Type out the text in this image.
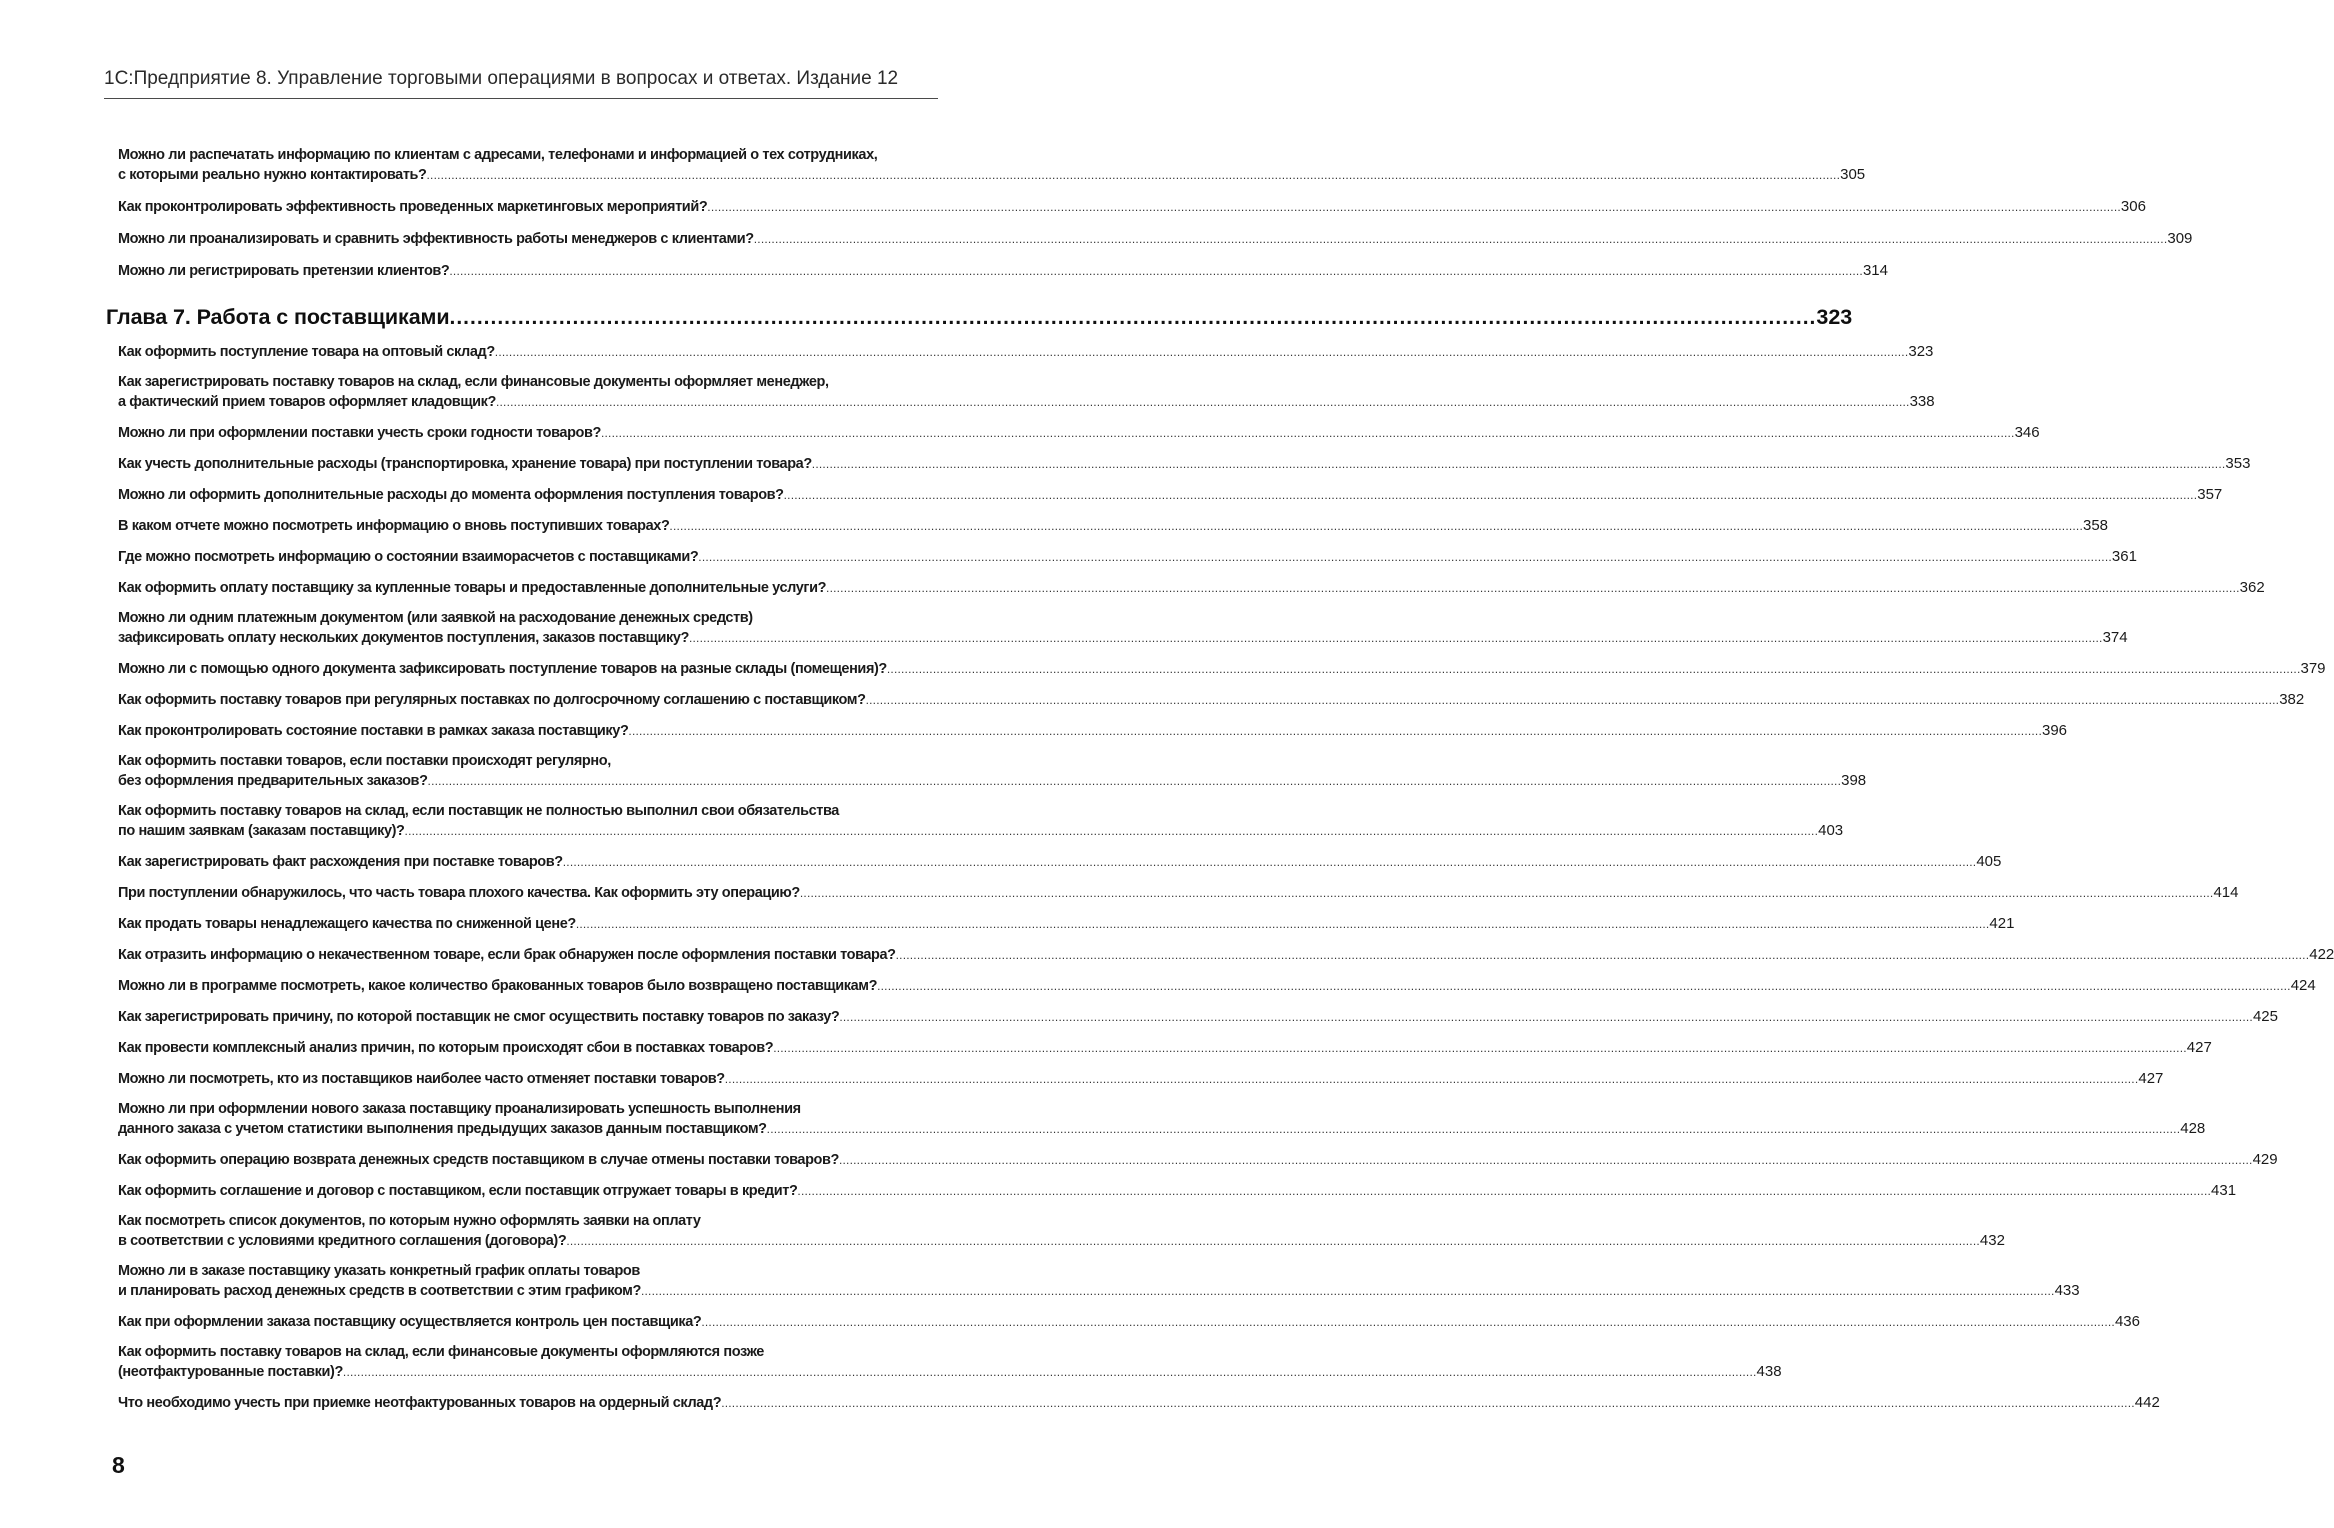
1С:Предприятие 8. Управление торговыми операциями в вопросах и ответах. Издание 12
Можно ли распечатать информацию по клиентам с адресами, телефонами и информацией о тех сотрудниках,
с которыми реально нужно контактировать? ................................................................................................................................................................................................................................................................................................................................................................................................................ 305
Как проконтролировать эффективность проведенных маркетинговых мероприятий? ................................................................................................................................................................................................................................................................................................................................................................................................................ 306
Можно ли проанализировать и сравнить эффективность работы менеджеров с клиентами? ................................................................................................................................................................................................................................................................................................................................................................................................................ 309
Можно ли регистрировать претензии клиентов? ................................................................................................................................................................................................................................................................................................................................................................................................................ 314
Глава 7. Работа с поставщиками ........................................................................................................................................................................................................ 323
Как оформить поступление товара на оптовый склад? ................................................................................................................................................................................................................................................................................................................................................................................................................ 323
Как зарегистрировать поставку товаров на склад, если финансовые документы оформляет менеджер,
а фактический прием товаров оформляет кладовщик? ................................................................................................................................................................................................................................................................................................................................................................................................................ 338
Можно ли при оформлении поставки учесть сроки годности товаров? ................................................................................................................................................................................................................................................................................................................................................................................................................ 346
Как учесть дополнительные расходы (транспортировка, хранение товара) при поступлении товара? ................................................................................................................................................................................................................................................................................................................................................................................................................ 353
Можно ли оформить дополнительные расходы до момента оформления поступления товаров? ................................................................................................................................................................................................................................................................................................................................................................................................................ 357
В каком отчете можно посмотреть информацию о вновь поступивших товарах? ................................................................................................................................................................................................................................................................................................................................................................................................................ 358
Где можно посмотреть информацию о состоянии взаиморасчетов с поставщиками? ................................................................................................................................................................................................................................................................................................................................................................................................................ 361
Как оформить оплату поставщику за купленные товары и предоставленные дополнительные услуги? ................................................................................................................................................................................................................................................................................................................................................................................................................ 362
Можно ли одним платежным документом (или заявкой на расходование денежных средств)
зафиксировать оплату нескольких документов поступления, заказов поставщику? ................................................................................................................................................................................................................................................................................................................................................................................................................ 374
Можно ли с помощью одного документа зафиксировать поступление товаров на разные склады (помещения)? ................................................................................................................................................................................................................................................................................................................................................................................................................ 379
Как оформить поставку товаров при регулярных поставках по долгосрочному соглашению с поставщиком? ................................................................................................................................................................................................................................................................................................................................................................................................................ 382
Как проконтролировать состояние поставки в рамках заказа поставщику? ................................................................................................................................................................................................................................................................................................................................................................................................................ 396
Как оформить поставки товаров, если поставки происходят регулярно,
без оформления предварительных заказов? ................................................................................................................................................................................................................................................................................................................................................................................................................ 398
Как оформить поставку товаров на склад, если поставщик не полностью выполнил свои обязательства
по нашим заявкам (заказам поставщику)? ................................................................................................................................................................................................................................................................................................................................................................................................................ 403
Как зарегистрировать факт расхождения при поставке товаров? ................................................................................................................................................................................................................................................................................................................................................................................................................ 405
При поступлении обнаружилось, что часть товара плохого качества. Как оформить эту операцию? ................................................................................................................................................................................................................................................................................................................................................................................................................ 414
Как продать товары ненадлежащего качества по сниженной цене? ................................................................................................................................................................................................................................................................................................................................................................................................................ 421
Как отразить информацию о некачественном товаре, если брак обнаружен после оформления поставки товара? ................................................................................................................................................................................................................................................................................................................................................................................................................ 422
Можно ли в программе посмотреть, какое количество бракованных товаров было возвращено поставщикам? ................................................................................................................................................................................................................................................................................................................................................................................................................ 424
Как зарегистрировать причину, по которой поставщик не смог осуществить поставку товаров по заказу? ................................................................................................................................................................................................................................................................................................................................................................................................................ 425
Как провести комплексный анализ причин, по которым происходят сбои в поставках товаров? ................................................................................................................................................................................................................................................................................................................................................................................................................ 427
Можно ли посмотреть, кто из поставщиков наиболее часто отменяет поставки товаров? ................................................................................................................................................................................................................................................................................................................................................................................................................ 427
Можно ли при оформлении нового заказа поставщику проанализировать успешность выполнения
данного заказа с учетом статистики выполнения предыдущих заказов данным поставщиком? ................................................................................................................................................................................................................................................................................................................................................................................................................ 428
Как оформить операцию возврата денежных средств поставщиком в случае отмены поставки товаров? ................................................................................................................................................................................................................................................................................................................................................................................................................ 429
Как оформить соглашение и договор с поставщиком, если поставщик отгружает товары в кредит? ................................................................................................................................................................................................................................................................................................................................................................................................................ 431
Как посмотреть список документов, по которым нужно оформлять заявки на оплату
в соответствии с условиями кредитного соглашения (договора)? ................................................................................................................................................................................................................................................................................................................................................................................................................ 432
Можно ли в заказе поставщику указать конкретный график оплаты товаров
и планировать расход денежных средств в соответствии с этим графиком? ................................................................................................................................................................................................................................................................................................................................................................................................................ 433
Как при оформлении заказа поставщику осуществляется контроль цен поставщика? ................................................................................................................................................................................................................................................................................................................................................................................................................ 436
Как оформить поставку товаров на склад, если финансовые документы оформляются позже
(неотфактурованные поставки)? ................................................................................................................................................................................................................................................................................................................................................................................................................ 438
Что необходимо учесть при приемке неотфактурованных товаров на ордерный склад? ................................................................................................................................................................................................................................................................................................................................................................................................................ 442
8
